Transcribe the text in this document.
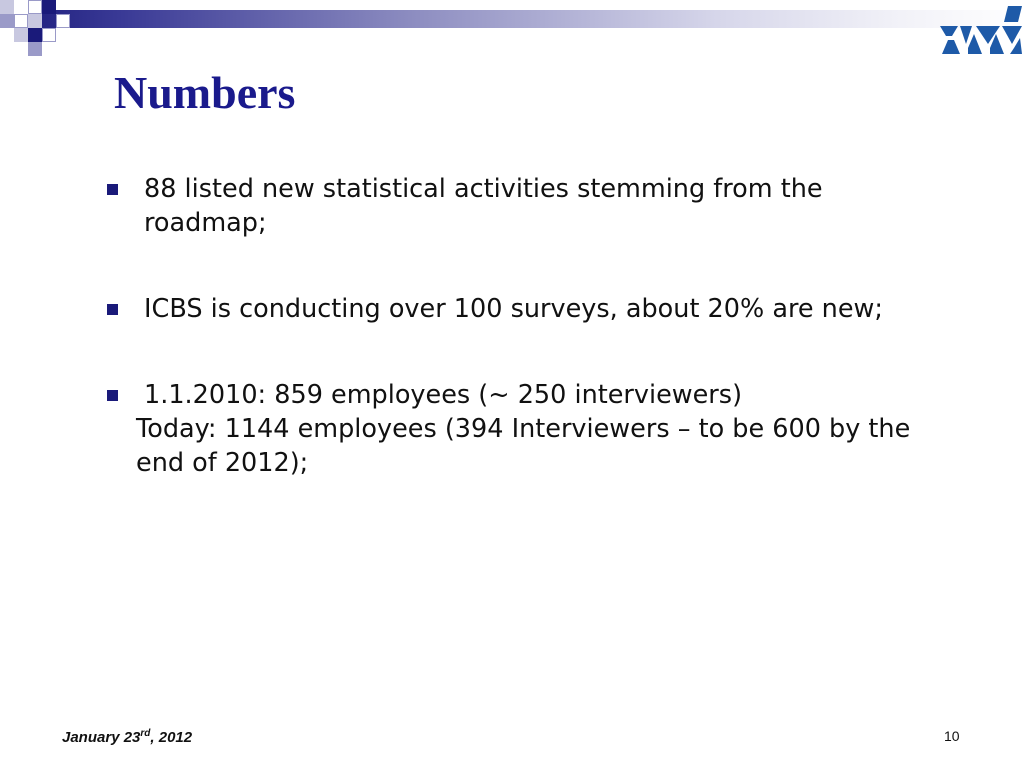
Numbers
88 listed new statistical activities stemming from the roadmap;
ICBS is conducting over 100 surveys, about 20% are new;
1.1.2010: 859 employees (~ 250 interviewers)
Today: 1144 employees (394 Interviewers – to be 600 by the end of 2012);
January 23rd, 2012	10
